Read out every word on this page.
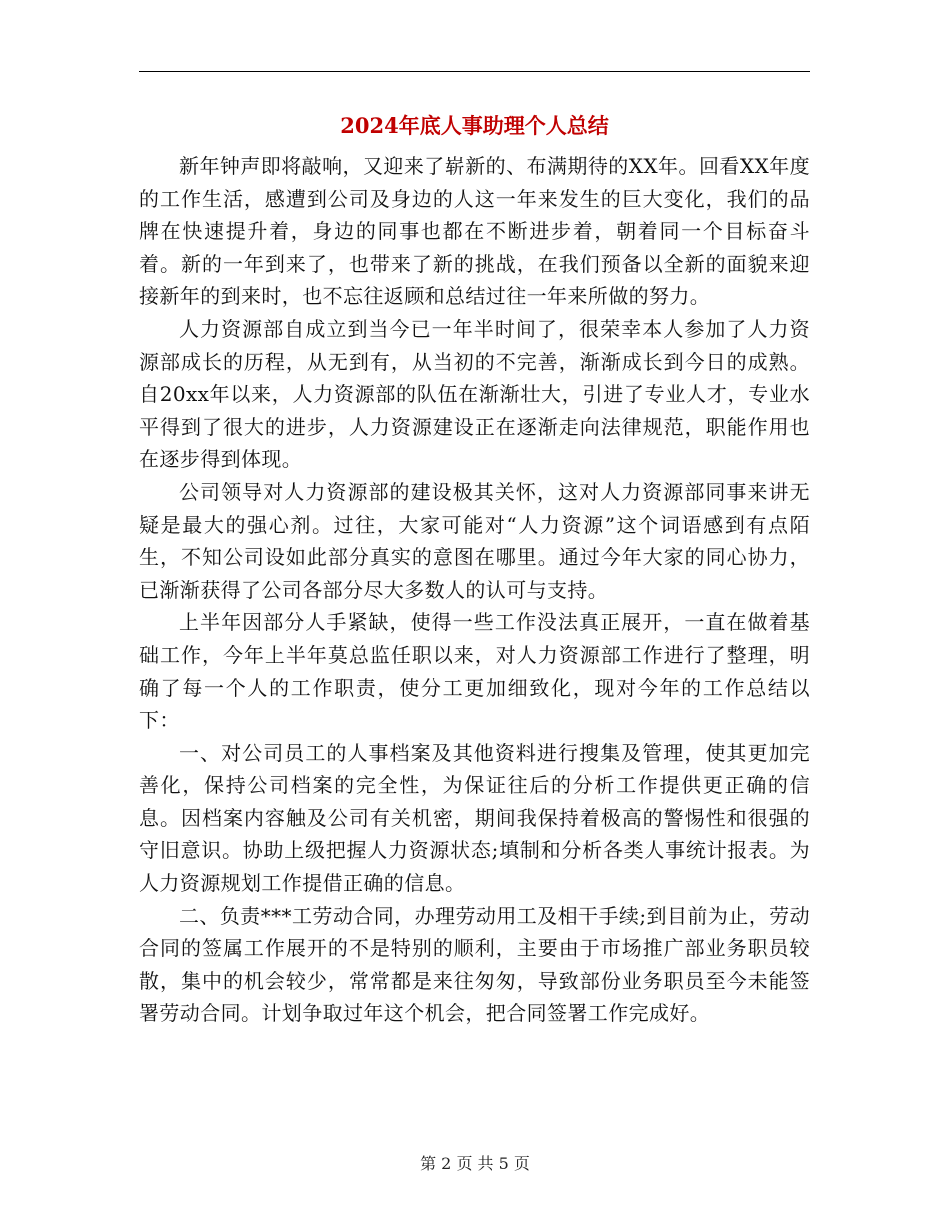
2024年底人事助理个人总结

新年钟声即将敲响，又迎来了崭新的、布满期待的XX年。回看XX年度的工作生活，感遭到公司及身边的人这一年来发生的巨大变化，我们的品牌在快速提升着，身边的同事也都在不断进步着，朝着同一个目标奋斗着。新的一年到来了，也带来了新的挑战，在我们预备以全新的面貌来迎接新年的到来时，也不忘往返顾和总结过往一年来所做的努力。

人力资源部自成立到当今已一年半时间了，很荣幸本人参加了人力资源部成长的历程，从无到有，从当初的不完善，渐渐成长到今日的成熟。自20xx年以来，人力资源部的队伍在渐渐壮大，引进了专业人才，专业水平得到了很大的进步，人力资源建设正在逐渐走向法律规范，职能作用也在逐步得到体现。

公司领导对人力资源部的建设极其关怀，这对人力资源部同事来讲无疑是最大的强心剂。过往，大家可能对“人力资源”这个词语感到有点陌生，不知公司设如此部分真实的意图在哪里。通过今年大家的同心协力，已渐渐获得了公司各部分尽大多数人的认可与支持。

上半年因部分人手紧缺，使得一些工作没法真正展开，一直在做着基础工作，今年上半年莫总监任职以来，对人力资源部工作进行了整理，明确了每一个人的工作职责，使分工更加细致化，现对今年的工作总结以下：

一、对公司员工的人事档案及其他资料进行搜集及管理，使其更加完善化，保持公司档案的完全性，为保证往后的分析工作提供更正确的信息。因档案内容触及公司有关机密，期间我保持着极高的警惕性和很强的守旧意识。协助上级把握人力资源状态;填制和分析各类人事统计报表。为人力资源规划工作提借正确的信息。

二、负责***工劳动合同，办理劳动用工及相干手续;到目前为止，劳动合同的签属工作展开的不是特别的顺利，主要由于市场推广部业务职员较散，集中的机会较少，常常都是来往匆匆，导致部份业务职员至今未能签署劳动合同。计划争取过年这个机会，把合同签署工作完成好。

第 2 页 共 5 页
